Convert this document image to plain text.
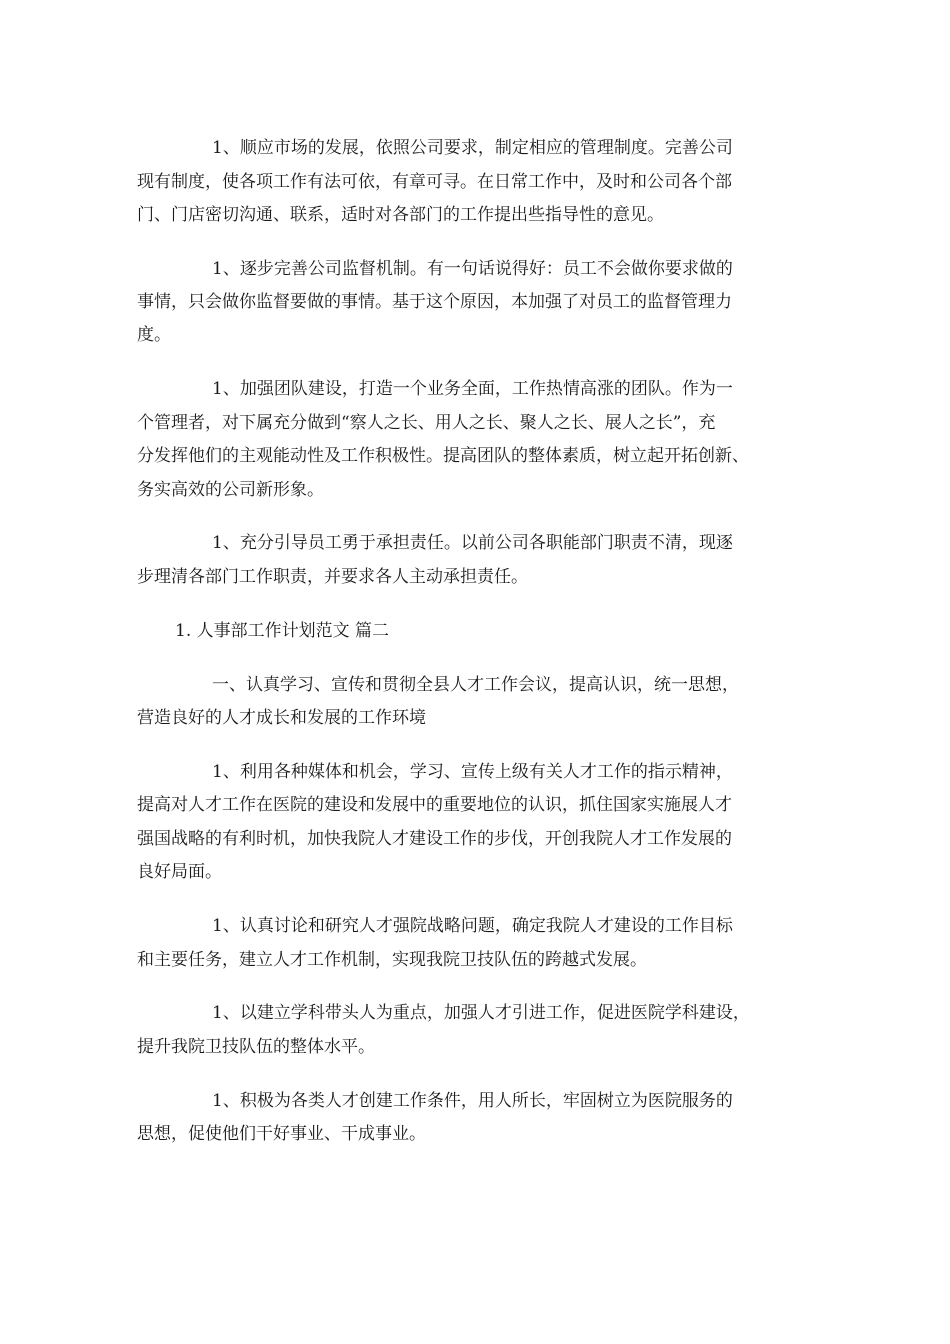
1、顺应市场的发展，依照公司要求，制定相应的管理制度。完善公司
现有制度，使各项工作有法可依，有章可寻。在日常工作中，及时和公司各个部
门、门店密切沟通、联系，适时对各部门的工作提出些指导性的意见。
1、逐步完善公司监督机制。有一句话说得好：员工不会做你要求做的
事情，只会做你监督要做的事情。基于这个原因，本加强了对员工的监督管理力
度。
1、加强团队建设，打造一个业务全面，工作热情高涨的团队。作为一
个管理者，对下属充分做到“察人之长、用人之长、聚人之长、展人之长”，充
分发挥他们的主观能动性及工作积极性。提高团队的整体素质，树立起开拓创新、
务实高效的公司新形象。
1、充分引导员工勇于承担责任。以前公司各职能部门职责不清，现逐
步理清各部门工作职责，并要求各人主动承担责任。
1. 人事部工作计划范文 篇二
一、认真学习、宣传和贯彻全县人才工作会议，提高认识，统一思想，
营造良好的人才成长和发展的工作环境
1、利用各种媒体和机会，学习、宣传上级有关人才工作的指示精神，
提高对人才工作在医院的建设和发展中的重要地位的认识，抓住国家实施展人才
强国战略的有利时机，加快我院人才建设工作的步伐，开创我院人才工作发展的
良好局面。
1、认真讨论和研究人才强院战略问题，确定我院人才建设的工作目标
和主要任务，建立人才工作机制，实现我院卫技队伍的跨越式发展。
1、以建立学科带头人为重点，加强人才引进工作，促进医院学科建设，
提升我院卫技队伍的整体水平。
1、积极为各类人才创建工作条件，用人所长，牢固树立为医院服务的
思想，促使他们干好事业、干成事业。
